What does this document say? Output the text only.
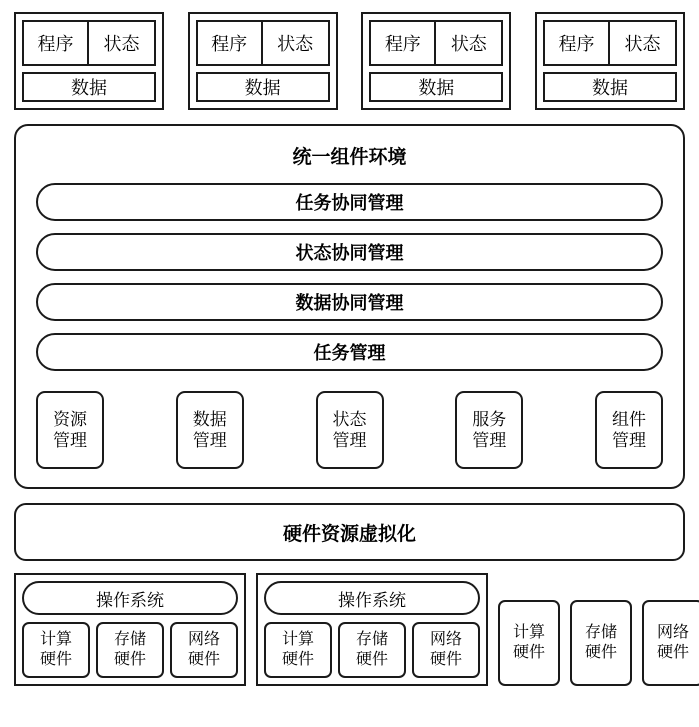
程序	状态
数据
程序	状态
数据
程序	状态
数据
程序	状态
数据
统一组件环境
任务协同管理
状态协同管理
数据协同管理
任务管理
资源
管理
数据
管理
状态
管理
服务
管理
组件
管理
硬件资源虚拟化
操作系统
计算
硬件
存储
硬件
网络
硬件
操作系统
计算
硬件
存储
硬件
网络
硬件
计算
硬件
存储
硬件
网络
硬件
